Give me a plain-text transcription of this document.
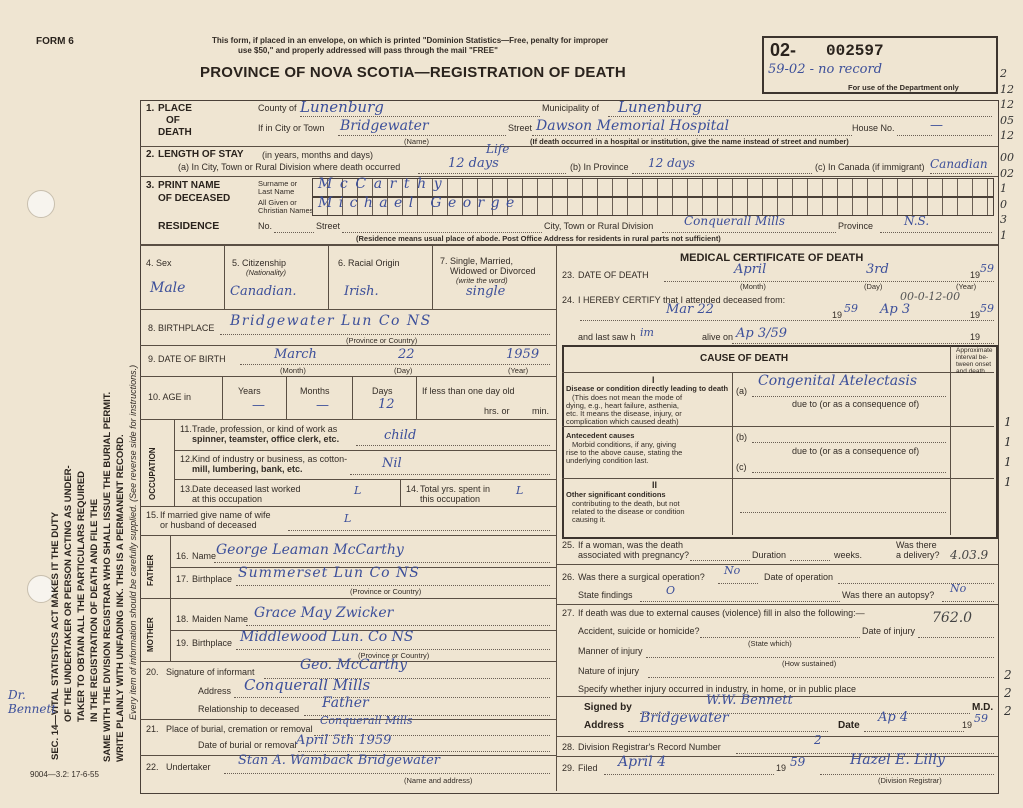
FORM 6
SEC. 14—VITAL STATISTICS ACT MAKES IT THE DUTY OF THE UNDERTAKER OR PERSON ACTING AS UNDER- TAKER TO OBTAIN ALL THE PARTICULARS REQUIRED IN THE REGISTRATION OF DEATH AND FILE THE SAME WITH THE DIVISION REGISTRAR WHO SHALL ISSUE THE BURIAL PERMIT. WRITE PLAINLY WITH UNFADING INK. THIS IS A PERMANENT RECORD. Every item of information should be carefully supplied. (See reverse side for instructions.)
Dr. Bennett
This form, if placed in an envelope, on which is printed "Dominion Statistics—Free, penalty for improper
use $50," and properly addressed will pass through the mail "FREE"
PROVINCE OF NOVA SCOTIA—REGISTRATION OF DEATH
02- 002597
59-02 - no record
For use of the Department only
2
12
12
05
12
00
02
1
0
3
1
1. PLACE
OF
DEATH
County of Lunenburg	Municipality of Lunenburg
If in City or Town Bridgewater
(Name)
Street Dawson Memorial Hospital	House No.	—
(If death occurred in a hospital or institution, give the name instead of street and number)
2. LENGTH OF STAY (in years, months and days)
(a) In City, Town or Rural Division where death occurred
Life
12 days	(b) In Province 12 days	(c) In Canada (if immigrant) Canadian
3. PRINT NAME
OF DECEASED
Surname or
Last Name
All Given or
Christian Names
McCarthy
Michael George
RESIDENCE	No.	Street	City, Town or Rural Division	Conquerall Mills	Province	N.S.
(Residence means usual place of abode. Post Office Address for residents in rural parts not sufficient)
4. Sex
Male
5. Citizenship
(Nationality)
Canadian.
6. Racial Origin
Irish.
7. Single, Married,
Widowed or Divorced
(write the word)
single
8. BIRTHPLACE Bridgewater Lun Co NS
(Province or Country)
9. DATE OF BIRTH	March	22	1959
(Month)	(Day)	(Year)
10. AGE in
Years	Months	Days
—	—	12
If less than one day old
hrs. or min.
OCCUPATION
11. Trade, profession, or kind of work as
spinner, teamster, office clerk, etc.	child
12. Kind of industry or business, as cotton-
mill, lumbering, bank, etc.	Nil
13. Date deceased last worked
at this occupation
L	14. Total yrs. spent in
this occupation
L
15. If married give name of wife
or husband of deceased	L
FATHER 16. Name George Leaman McCarthy
17. Birthplace Summerset Lun Co NS
(Province or Country)
MOTHER 18. Maiden Name Grace May Zwicker
19. Birthplace Middlewood Lun. Co NS
(Province or Country)
20. Signature of informant	Geo. McCarthy
Address Conquerall Mills
Relationship to deceased Father
21. Place of burial, cremation or removal
Conquerall Mills
Date of burial or removal April 5th 1959
22. Undertaker Stan A. Wamback Bridgewater
(Name and address)
9004—3.2: 17-6-55
MEDICAL CERTIFICATE OF DEATH
23. DATE OF DEATH	April	3rd	19 59
(Month)	(Day)	(Year)
24. I HEREBY CERTIFY that I attended deceased from:	00-0-12-00
Mar 22	19 59 Ap 3	19 59
and last saw h im	alive on Ap 3/59	19
CAUSE OF DEATH
Approximate
interval be-
tween onset
and death
I
Disease or condition directly leading to death
(This does not mean the mode of
dying, e.g., heart failure, asthenia,
etc. It means the disease, injury, or
complication which caused death)
(a)
Congenital Atelectasis
due to (or as a consequence of)
Antecedent causes
Morbid conditions, if any, giving
rise to the above cause, stating the
underlying condition last.
(b)
due to (or as a consequence of)
(c)
II
Other significant conditions
contributing to the death, but not
related to the disease or condition
causing it.
1
1
1
1
25. If a woman, was the death
associated with pregnancy?	Duration	weeks.
Was there
a delivery? 4.03.9
26. Was there a surgical operation? No	Date of operation
State findings	O	Was there an autopsy? No
27. If death was due to external causes (violence) fill in also the following:—
Accident, suicide or homicide?
(State which)
Date of injury
762.0
Manner of injury
(How sustained)
Nature of injury
Specify whether injury occurred in industry, in home, or in public place
2
2
2
Signed by	W.W. Bennett	M.D.
Address Bridgewater	Date
Ap 4	19 59
28. Division Registrar's Record Number	2
29. Filed April 4	19 59	Hazel E. Lilly
(Division Registrar)
